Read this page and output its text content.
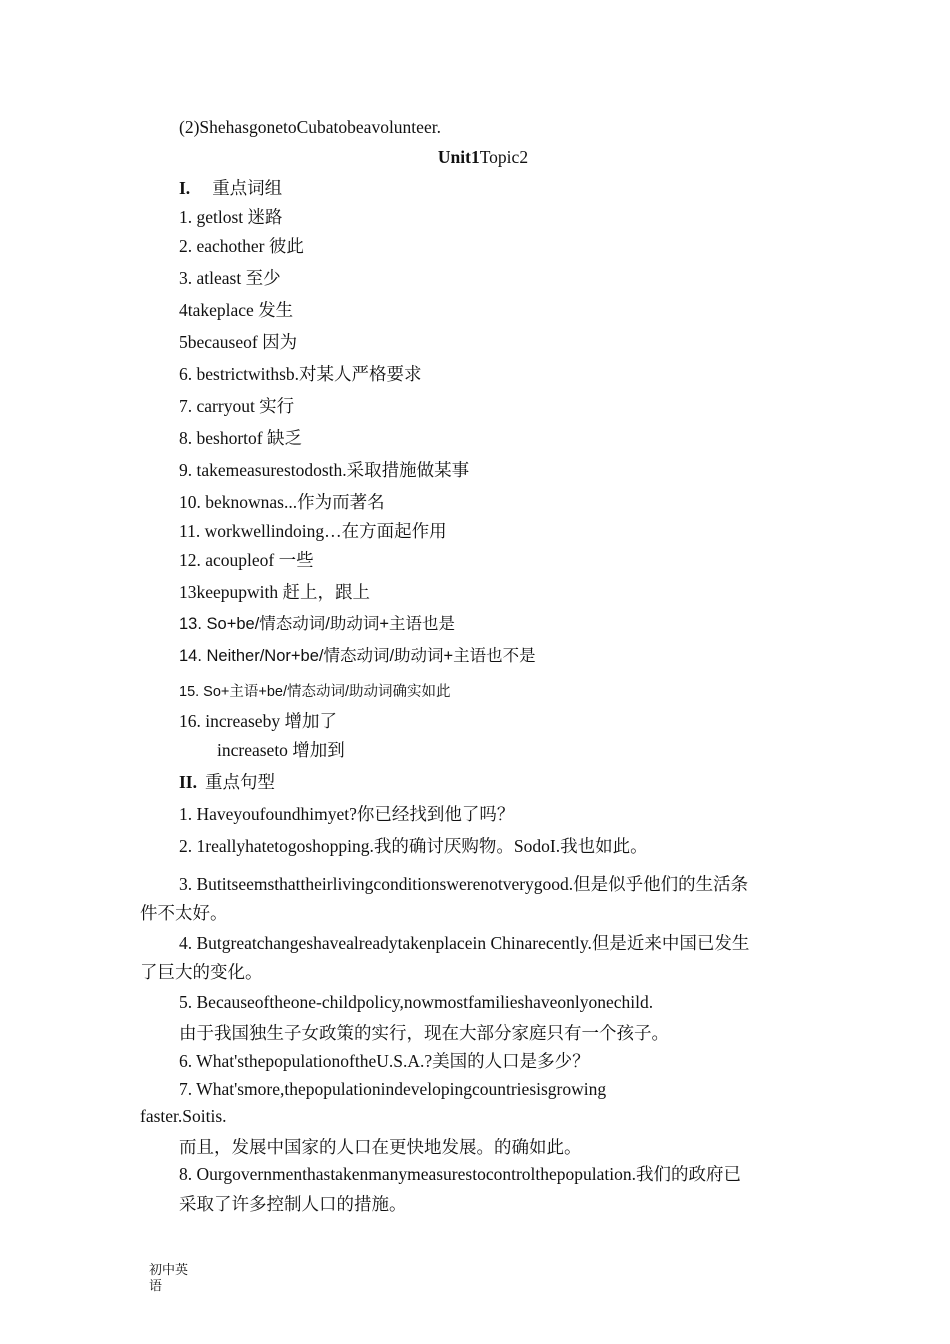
(2)ShehasgonetoCubatobeavolunteer.
Unit1Topic2
I. 重点词组
1. getlost 迷路
2. eachother 彼此
3. atleast 至少
4takeplace 发生
5becauseof 因为
6. bestrictwithsb.对某人严格要求
7. carryout 实行
8. beshortof 缺乏
9. takemeasurestodosth.采取措施做某事
10. beknownas...作为而著名
11. workwellindoing…在方面起作用
12. acoupleof 一些
13keepupwith 赶上，跟上
13. So+be/情态动词/助动词+主语也是
14. Neither/Nor+be/情态动词/助动词+主语也不是
15. So+主语+be/情态动词/助动词确实如此
16. increaseby 增加了
increaseto 增加到
II. 重点句型
1. Haveyoufoundhimyet?你已经找到他了吗？
2. 1reallyhatetogoshopping.我的确讨厌购物。SodoI.我也如此。
3. Butitseemsthattheirlivingconditionswerenotverygood.但是似乎他们的生活条
件不太好。
4. Butgreatchangeshavealreadytakenplacein Chinarecently.但是近来中国已发生
了巨大的变化。
5. Becauseoftheone-childpolicy,nowmostfamilieshaveonlyonechild.
由于我国独生子女政策的实行，现在大部分家庭只有一个孩子。
6. What'sthepopulationoftheU.S.A.?美国的人口是多少？
7. What'smore,thepopulationindevelopingcountriesisgrowing
faster.Soitis.
而且，发展中国家的人口在更快地发展。的确如此。
8. Ourgovernmenthastakenmanymeasurestocontrolthepopulation.我们的政府已
采取了许多控制人口的措施。
初中英语
